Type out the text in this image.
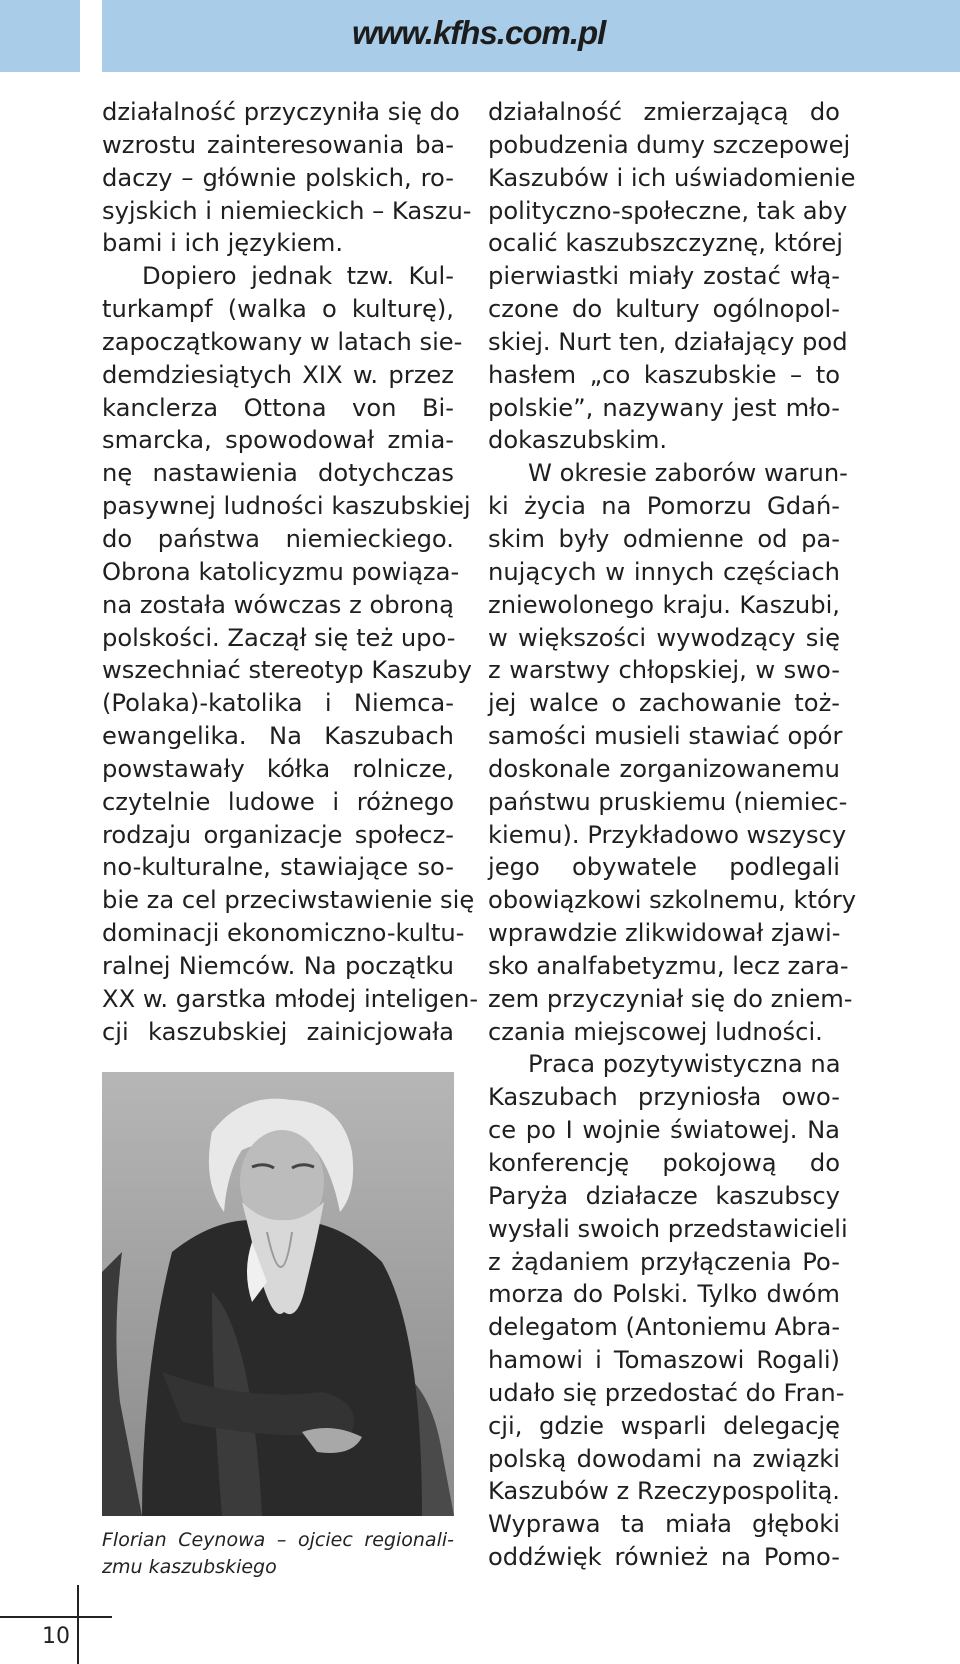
www.kfhs.com.pl

działalność przyczyniła się do
wzrostu zainteresowania ba-
daczy – głównie polskich, ro-
syjskich i niemieckich – Kaszu-
bami i ich językiem.
Dopiero jednak tzw. Kul-
turkampf (walka o kulturę),
zapoczątkowany w latach sie-
demdziesiątych XIX w. przez
kanclerza Ottona von Bi-
smarcka, spowodował zmia-
nę nastawienia dotychczas
pasywnej ludności kaszubskiej
do państwa niemieckiego.
Obrona katolicyzmu powiąza-
na została wówczas z obroną
polskości. Zaczął się też upo-
wszechniać stereotyp Kaszuby
(Polaka)-katolika i Niemca-
ewangelika. Na Kaszubach
powstawały kółka rolnicze,
czytelnie ludowe i różnego
rodzaju organizacje społecz-
no-kulturalne, stawiające so-
bie za cel przeciwstawienie się
dominacji ekonomiczno-kultu-
ralnej Niemców. Na początku
XX w. garstka młodej inteligen-
cji kaszubskiej zainicjowała
Florian Ceynowa – ojciec regionali-
zmu kaszubskiego
działalność zmierzającą do
pobudzenia dumy szczepowej
Kaszubów i ich uświadomienie
polityczno-społeczne, tak aby
ocalić kaszubszczyznę, której
pierwiastki miały zostać włą-
czone do kultury ogólnopol-
skiej. Nurt ten, działający pod
hasłem „co kaszubskie – to
polskie”, nazywany jest mło-
dokaszubskim.
W okresie zaborów warun-
ki życia na Pomorzu Gdań-
skim były odmienne od pa-
nujących w innych częściach
zniewolonego kraju. Kaszubi,
w większości wywodzący się
z warstwy chłopskiej, w swo-
jej walce o zachowanie toż-
samości musieli stawiać opór
doskonale zorganizowanemu
państwu pruskiemu (niemiec-
kiemu). Przykładowo wszyscy
jego obywatele podlegali
obowiązkowi szkolnemu, który
wprawdzie zlikwidował zjawi-
sko analfabetyzmu, lecz zara-
zem przyczyniał się do zniem-
czania miejscowej ludności.
Praca pozytywistyczna na
Kaszubach przyniosła owo-
ce po I wojnie światowej. Na
konferencję pokojową do
Paryża działacze kaszubscy
wysłali swoich przedstawicieli
z żądaniem przyłączenia Po-
morza do Polski. Tylko dwóm
delegatom (Antoniemu Abra-
hamowi i Tomaszowi Rogali)
udało się przedostać do Fran-
cji, gdzie wsparli delegację
polską dowodami na związki
Kaszubów z Rzeczypospolitą.
Wyprawa ta miała głęboki
oddźwięk również na Pomo-

10
